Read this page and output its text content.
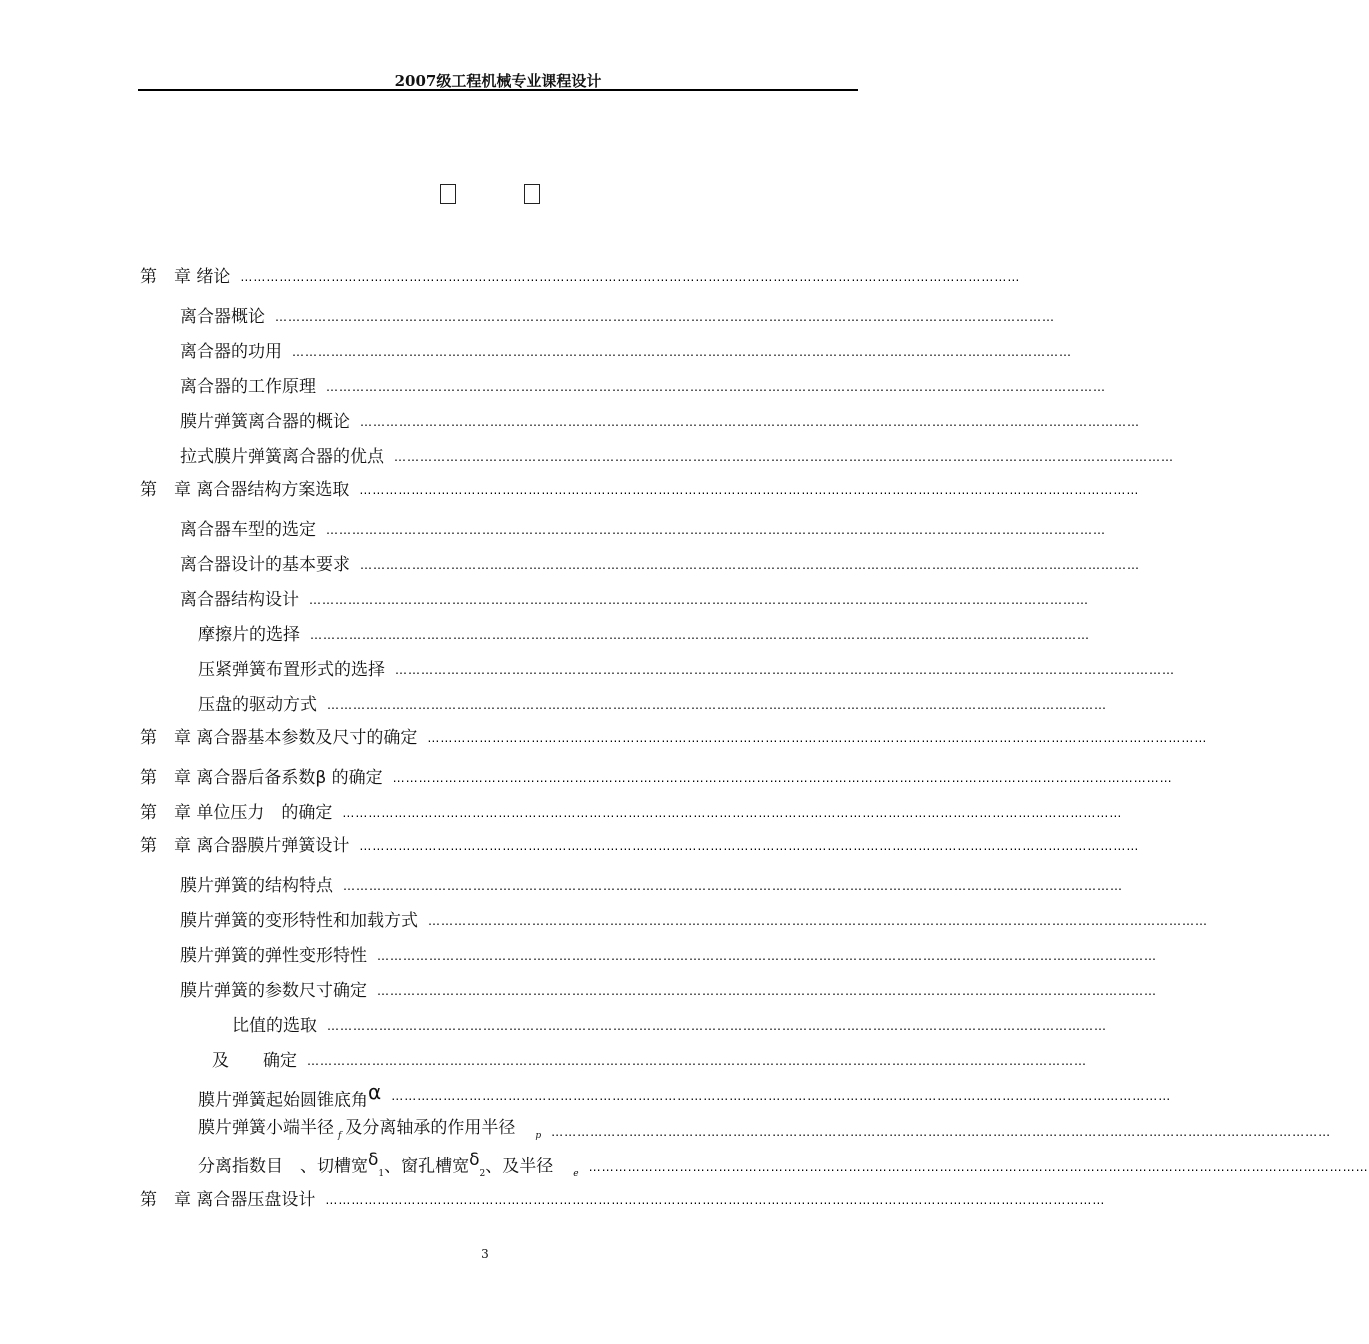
2007级工程机械专业课程设计
第　章 绪论 ………………………………………………………………………………………………………………………………………………………………
离合器概论 ………………………………………………………………………………………………………………………………………………………………
离合器的功用 ………………………………………………………………………………………………………………………………………………………………
离合器的工作原理 ………………………………………………………………………………………………………………………………………………………………
膜片弹簧离合器的概论 ………………………………………………………………………………………………………………………………………………………………
拉式膜片弹簧离合器的优点 ………………………………………………………………………………………………………………………………………………………………
第　章 离合器结构方案选取 ………………………………………………………………………………………………………………………………………………………………
离合器车型的选定 ………………………………………………………………………………………………………………………………………………………………
离合器设计的基本要求 ………………………………………………………………………………………………………………………………………………………………
离合器结构设计 ………………………………………………………………………………………………………………………………………………………………
摩擦片的选择 ………………………………………………………………………………………………………………………………………………………………
压紧弹簧布置形式的选择 ………………………………………………………………………………………………………………………………………………………………
压盘的驱动方式 ………………………………………………………………………………………………………………………………………………………………
第　章 离合器基本参数及尺寸的确定 ………………………………………………………………………………………………………………………………………………………………
第　章 离合器后备系数β 的确定 ………………………………………………………………………………………………………………………………………………………………
第　章 单位压力　的确定 ………………………………………………………………………………………………………………………………………………………………
第　章 离合器膜片弹簧设计 ………………………………………………………………………………………………………………………………………………………………
膜片弹簧的结构特点 ………………………………………………………………………………………………………………………………………………………………
膜片弹簧的变形特性和加载方式 ………………………………………………………………………………………………………………………………………………………………
膜片弹簧的弹性变形特性 ………………………………………………………………………………………………………………………………………………………………
膜片弹簧的参数尺寸确定 ………………………………………………………………………………………………………………………………………………………………
比值的选取 ………………………………………………………………………………………………………………………………………………………………
及　　确定 ………………………………………………………………………………………………………………………………………………………………
膜片弹簧起始圆锥底角α ………………………………………………………………………………………………………………………………………………………………
膜片弹簧小端半径 $_f$ 及分离轴承的作用半径 $_p$ ………………………………………………………………………………………………………………………………………………………………
分离指数目　、切槽宽$\delta_1$、窗孔槽宽$\delta_2$、及半径 $_e$
………………………………………………………………………………………………………………………………………………………………
第　章 离合器压盘设计 ………………………………………………………………………………………………………………………………………………………………
3
